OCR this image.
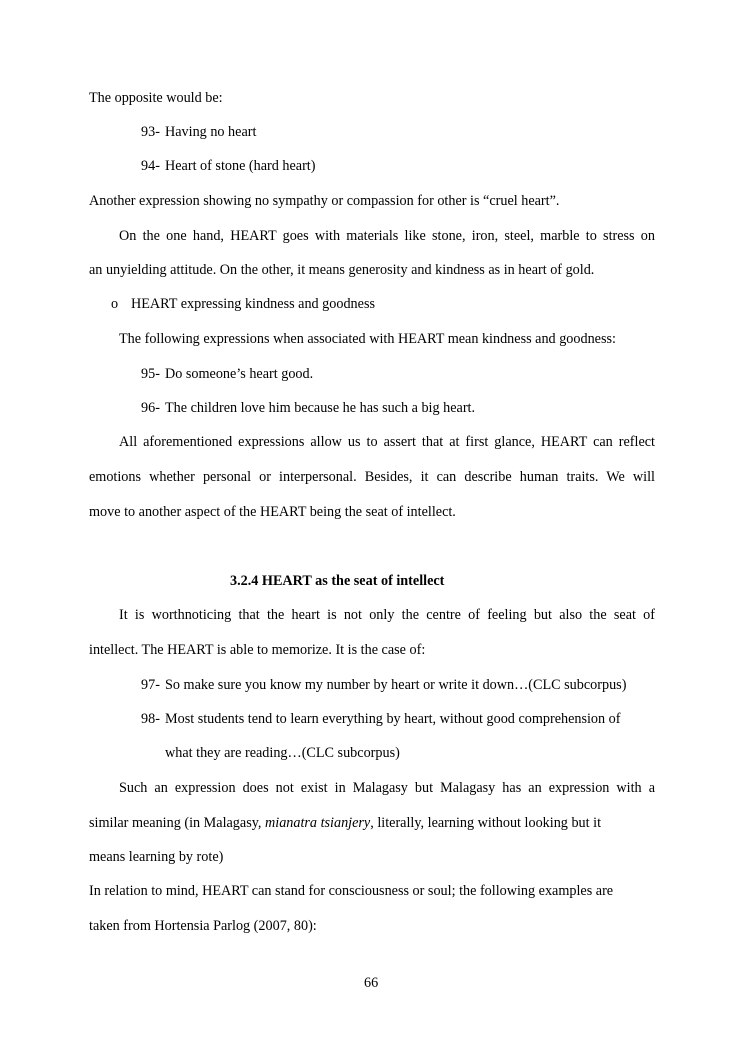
The opposite would be:
93- Having no heart
94- Heart of stone (hard heart)
Another expression showing no sympathy or compassion for other is “cruel heart”.
On the one hand, HEART goes with materials like stone, iron, steel, marble to stress on
an unyielding attitude. On the other, it means generosity and kindness as in heart of gold.
o HEART expressing kindness and goodness
The following expressions when associated with HEART mean kindness and goodness:
95- Do someone’s heart good.
96- The children love him because he has such a big heart.
All aforementioned expressions allow us to assert that at first glance, HEART can reflect
emotions whether personal or interpersonal. Besides, it can describe human traits. We will
move to another aspect of the HEART being the seat of intellect.
3.2.4 HEART as the seat of intellect
It is worthnoticing that the heart is not only the centre of feeling but also the seat of
intellect. The HEART is able to memorize. It is the case of:
97- So make sure you know my number by heart or write it down…(CLC subcorpus)
98- Most students tend to learn everything by heart, without good comprehension of
what they are reading…(CLC subcorpus)
Such an expression does not exist in Malagasy but Malagasy has an expression with a
similar meaning (in Malagasy, mianatra tsianjery, literally, learning without looking but it
means learning by rote)
In relation to mind, HEART can stand for consciousness or soul; the following examples are
taken from Hortensia Parlog (2007, 80):
66
